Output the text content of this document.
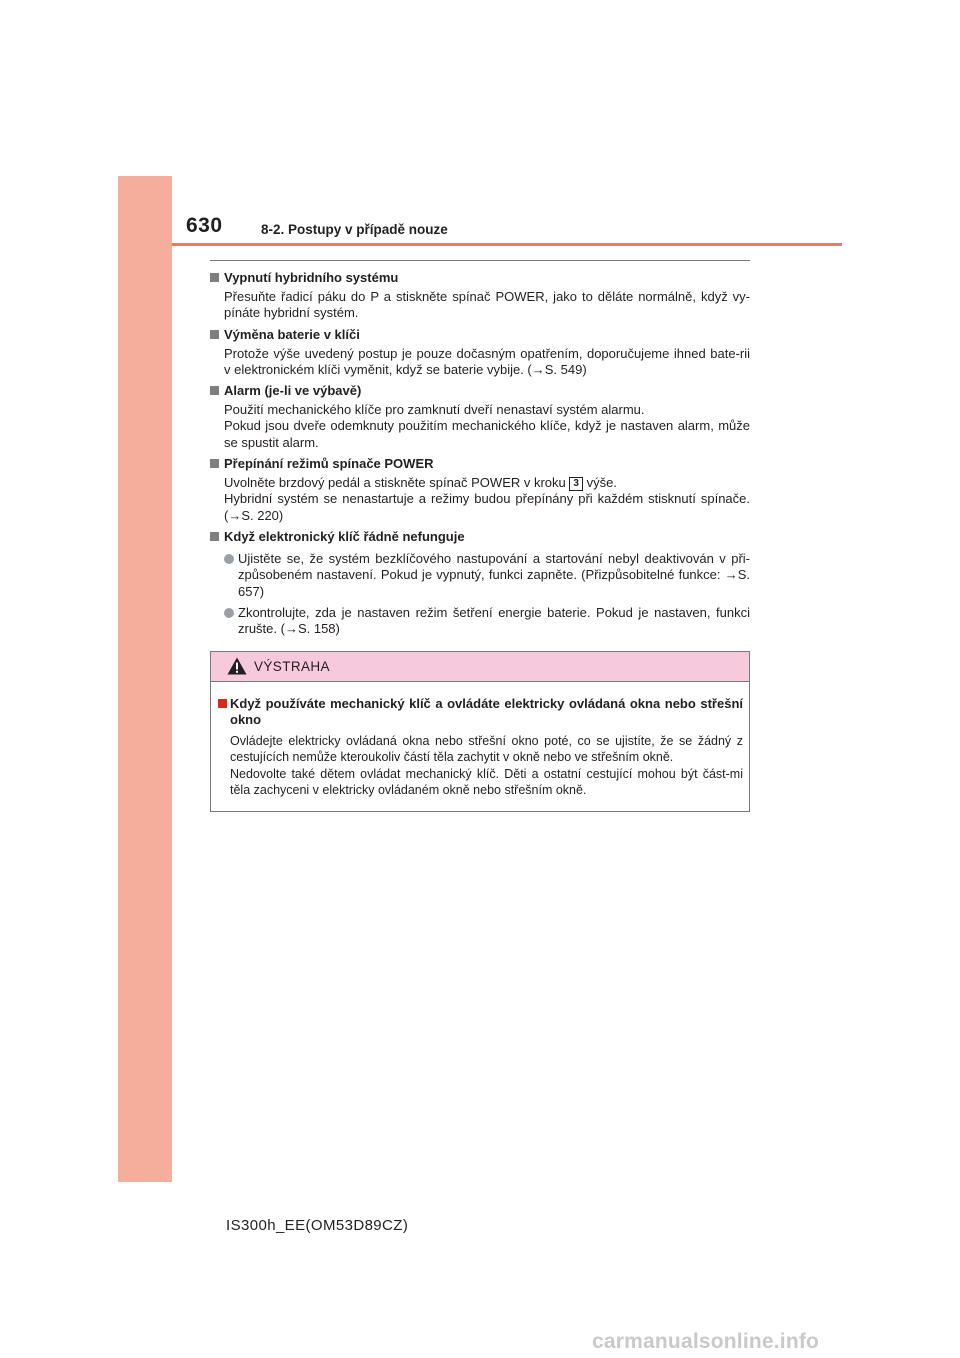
630	8-2. Postupy v případě nouze
Vypnutí hybridního systému
Přesuňte řadicí páku do P a stiskněte spínač POWER, jako to děláte normálně, když vy-pínáte hybridní systém.
Výměna baterie v klíči
Protože výše uvedený postup je pouze dočasným opatřením, doporučujeme ihned bate-rii v elektronickém klíči vyměnit, když se baterie vybije. (→S. 549)
Alarm (je-li ve výbavě)
Použití mechanického klíče pro zamknutí dveří nenastaví systém alarmu.
Pokud jsou dveře odemknuty použitím mechanického klíče, když je nastaven alarm, může se spustit alarm.
Přepínání režimů spínače POWER
Uvolněte brzdový pedál a stiskněte spínač POWER v kroku 3 výše.
Hybridní systém se nenastartuje a režimy budou přepínány při každém stisknutí spínače. (→S. 220)
Když elektronický klíč řádně nefunguje
Ujistěte se, že systém bezklíčového nastupování a startování nebyl deaktivován v při-způsobeném nastavení. Pokud je vypnutý, funkci zapněte. (Přizpůsobitelné funkce: →S. 657)
Zkontrolujte, zda je nastaven režim šetření energie baterie. Pokud je nastaven, funkci zrušte. (→S. 158)
VÝSTRAHA
Když používáte mechanický klíč a ovládáte elektricky ovládaná okna nebo střešní okno
Ovládejte elektricky ovládaná okna nebo střešní okno poté, co se ujistíte, že se žádný z cestujících nemůže kteroukoliv částí těla zachytit v okně nebo ve střešním okně.
Nedovolte také dětem ovládat mechanický klíč. Děti a ostatní cestující mohou být část-mi těla zachyceni v elektricky ovládaném okně nebo střešním okně.
IS300h_EE(OM53D89CZ)
carmanualsonline.info
